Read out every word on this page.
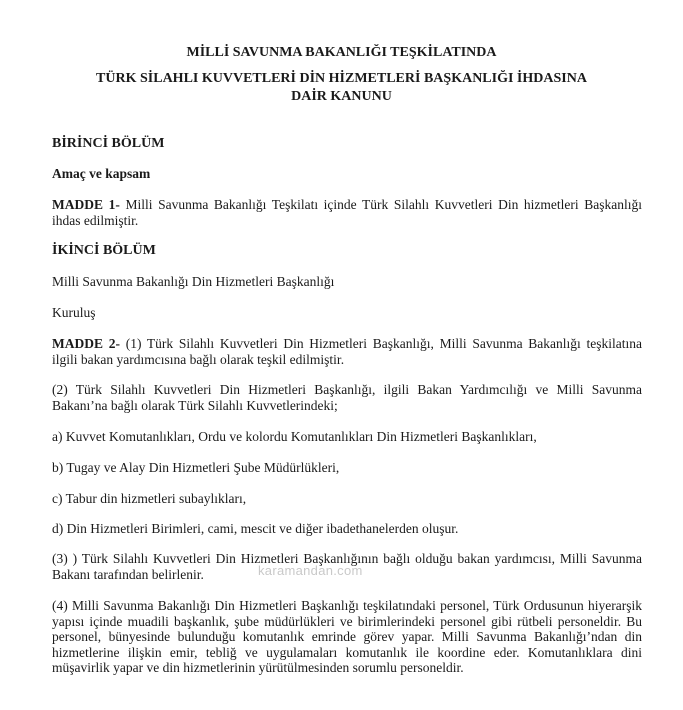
MİLLİ SAVUNMA BAKANLIĞI TEŞKİLATINDA

TÜRK SİLAHLI KUVVETLERİ DİN HİZMETLERİ BAŞKANLIĞI İHDASINA

DAİR KANUNU

BİRİNCİ BÖLÜM

Amaç ve kapsam

MADDE 1- Milli Savunma Bakanlığı Teşkilatı içinde Türk Silahlı Kuvvetleri Din hizmetleri Başkanlığı ihdas edilmiştir.

İKİNCİ BÖLÜM

Milli Savunma Bakanlığı Din Hizmetleri Başkanlığı

Kuruluş

MADDE 2- (1) Türk Silahlı Kuvvetleri Din Hizmetleri Başkanlığı, Milli Savunma Bakanlığı teşkilatına ilgili bakan yardımcısına bağlı olarak teşkil edilmiştir.

(2) Türk Silahlı Kuvvetleri Din Hizmetleri Başkanlığı, ilgili Bakan Yardımcılığı ve Milli Savunma Bakanı’na bağlı olarak Türk Silahlı Kuvvetlerindeki;

a) Kuvvet Komutanlıkları, Ordu ve kolordu Komutanlıkları Din Hizmetleri Başkanlıkları,

b) Tugay ve Alay Din Hizmetleri Şube Müdürlükleri,

c) Tabur din hizmetleri subaylıkları,

d) Din Hizmetleri Birimleri, cami, mescit ve diğer ibadethanelerden oluşur.

(3) ) Türk Silahlı Kuvvetleri Din Hizmetleri Başkanlığının bağlı olduğu bakan yardımcısı, Milli Savunma Bakanı tarafından belirlenir.

(4) Milli Savunma Bakanlığı Din Hizmetleri Başkanlığı teşkilatındaki personel, Türk Ordusunun hiyerarşik yapısı içinde muadili başkanlık, şube müdürlükleri ve birimlerindeki personel gibi rütbeli personeldir. Bu personel, bünyesinde bulunduğu komutanlık emrinde görev yapar. Milli Savunma Bakanlığı’ndan din hizmetlerine ilişkin emir, tebliğ ve uygulamaları komutanlık ile koordine eder. Komutanlıklara dini müşavirlik yapar ve din hizmetlerinin yürütülmesinden sorumlu personeldir.

karamandan.com
